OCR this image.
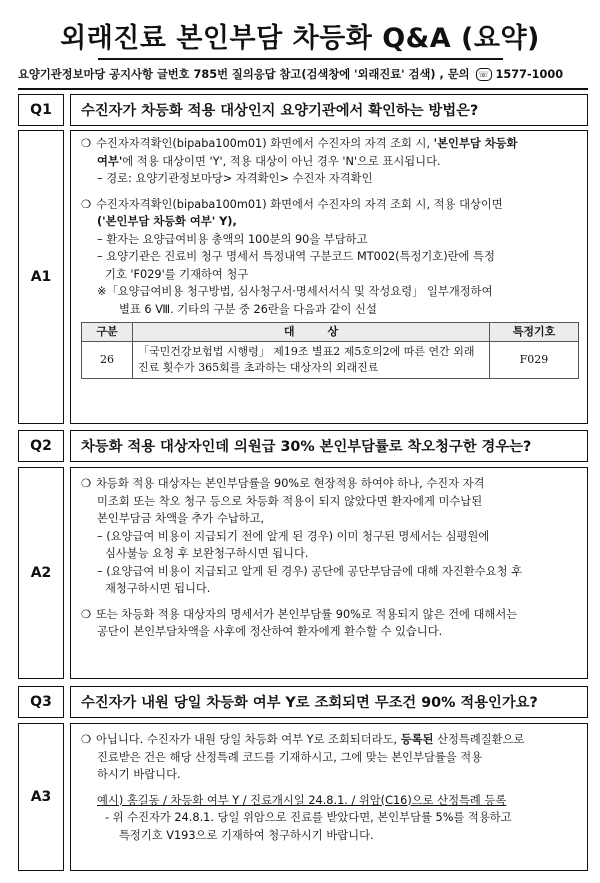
외래진료 본인부담 차등화 Q&A (요약)
요양기관정보마당 공지사항 글번호 785번 질의응답 참고(검색창에 '외래진료' 검색) , 문의 ☏ 1577-1000
Q1	수진자가 차등화 적용 대상인지 요양기관에서 확인하는 방법은?
A1

❍ 수진자자격확인(bipaba100m01) 화면에서 수진자의 자격 조회 시, '본인부담 차등화

여부'에 적용 대상이면 'Y', 적용 대상이 아닌 경우 'N'으로 표시됩니다.

– 경로: 요양기관정보마당> 자격확인> 수진자 자격확인

❍ 수진자자격확인(bipaba100m01) 화면에서 수진자의 자격 조회 시, 적용 대상이면

('본인부담 차등화 여부' Y),

– 환자는 요양급여비용 총액의 100분의 90을 부담하고

– 요양기관은 진료비 청구 명세서 특정내역 구분코드 MT002(특정기호)란에 특정

기호 'F029'를 기재하여 청구

※「요양급여비용 청구방법, 심사청구서·명세서서식 및 작성요령」 일부개정하여

별표 6 Ⅷ. 기타의 구분 중 26란을 다음과 같이 신설

구분	대　　　상	특정기호
26	「국민건강보험법 시행령」 제19조 별표2 제5호의2에 따른 연간 외래 진료 횟수가 365회를 초과하는 대상자의 외래진료	F029
Q2	차등화 적용 대상자인데 의원급 30% 본인부담률로 착오청구한 경우는?
A2

❍ 차등화 적용 대상자는 본인부담률을 90%로 현장적용 하여야 하나, 수진자 자격

미조회 또는 착오 청구 등으로 차등화 적용이 되지 않았다면 환자에게 미수납된

본인부담금 차액을 추가 수납하고,

– (요양급여 비용이 지급되기 전에 알게 된 경우) 이미 청구된 명세서는 심평원에

심사불능 요청 후 보완청구하시면 됩니다.

– (요양급여 비용이 지급되고 알게 된 경우) 공단에 공단부담금에 대해 자진환수요청 후

재청구하시면 됩니다.

❍ 또는 차등화 적용 대상자의 명세서가 본인부담률 90%로 적용되지 않은 건에 대해서는

공단이 본인부담차액을 사후에 정산하여 환자에게 환수할 수 있습니다.

Q3	수진자가 내원 당일 차등화 여부 Y로 조회되면 무조건 90% 적용인가요?
A3

❍ 아닙니다. 수진자가 내원 당일 차등화 여부 Y로 조회되더라도, 등록된 산정특례질환으로

진료받은 건은 해당 산정특례 코드를 기재하시고, 그에 맞는 본인부담률을 적용

하시기 바랍니다.

예시) 홍길동 / 차등화 여부 Y / 진료개시일 24.8.1. / 위암(C16)으로 산정특례 등록

- 위 수진자가 24.8.1. 당일 위암으로 진료를 받았다면, 본인부담률 5%를 적용하고

특정기호 V193으로 기재하여 청구하시기 바랍니다.
